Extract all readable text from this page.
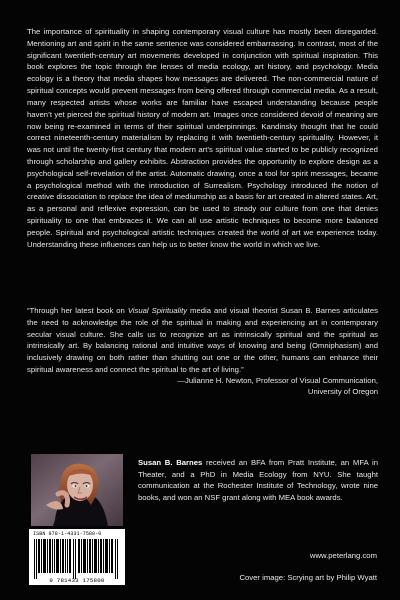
The importance of spirituality in shaping contemporary visual culture has mostly been disregarded. Mentioning art and spirit in the same sentence was considered embarrassing. In contrast, most of the significant twentieth-century art movements developed in conjunction with spiritual inspiration. This book explores the topic through the lenses of media ecology, art history, and psychology. Media ecology is a theory that media shapes how messages are delivered. The non-commercial nature of spiritual concepts would prevent messages from being offered through commercial media. As a result, many respected artists whose works are familiar have escaped understanding because people haven’t yet pierced the spiritual history of modern art. Images once considered devoid of meaning are now being re-examined in terms of their spiritual underpinnings. Kandinsky thought that he could correct nineteenth-century materialism by replacing it with twentieth-century spirituality. However, it was not until the twenty-first century that modern art’s spiritual value started to be publicly recognized through scholarship and gallery exhibits. Abstraction provides the opportunity to explore design as a psychological self-revelation of the artist. Automatic drawing, once a tool for spirit messages, became a psychological method with the introduction of Surrealism. Psychology introduced the notion of creative dissociation to replace the idea of mediumship as a basis for art created in altered states. Art, as a personal and reflexive expression, can be used to steady our culture from one that denies spirituality to one that embraces it. We can all use artistic techniques to become more balanced people. Spiritual and psychological artistic techniques created the world of art we experience today. Understanding these influences can help us to better know the world in which we live.

“Through her latest book on Visual Spirituality media and visual theorist Susan B. Barnes articulates the need to acknowledge the role of the spiritual in making and experiencing art in contemporary secular visual culture. She calls us to recognize art as intrinsically spiritual and the spiritual as intrinsically art. By balancing rational and intuitive ways of knowing and being (Omniphasism) and inclusively drawing on both rather than shutting out one or the other, humans can enhance their spiritual awareness and connect the spiritual to the art of living.”

—Julianne H. Newton, Professor of Visual Communication,
University of Oregon

Susan B. Barnes received an BFA from Pratt Institute, an MFA in Theater, and a PhD in Media Ecology from NYU. She taught communication at the Rochester Institute of Technology, wrote nine books, and won an NSF grant along with MEA book awards.

ISBN 978-1-4331-7580-0
9 781433 175800
www.peterlang.com
Cover image: Scrying art by Philip Wyatt
